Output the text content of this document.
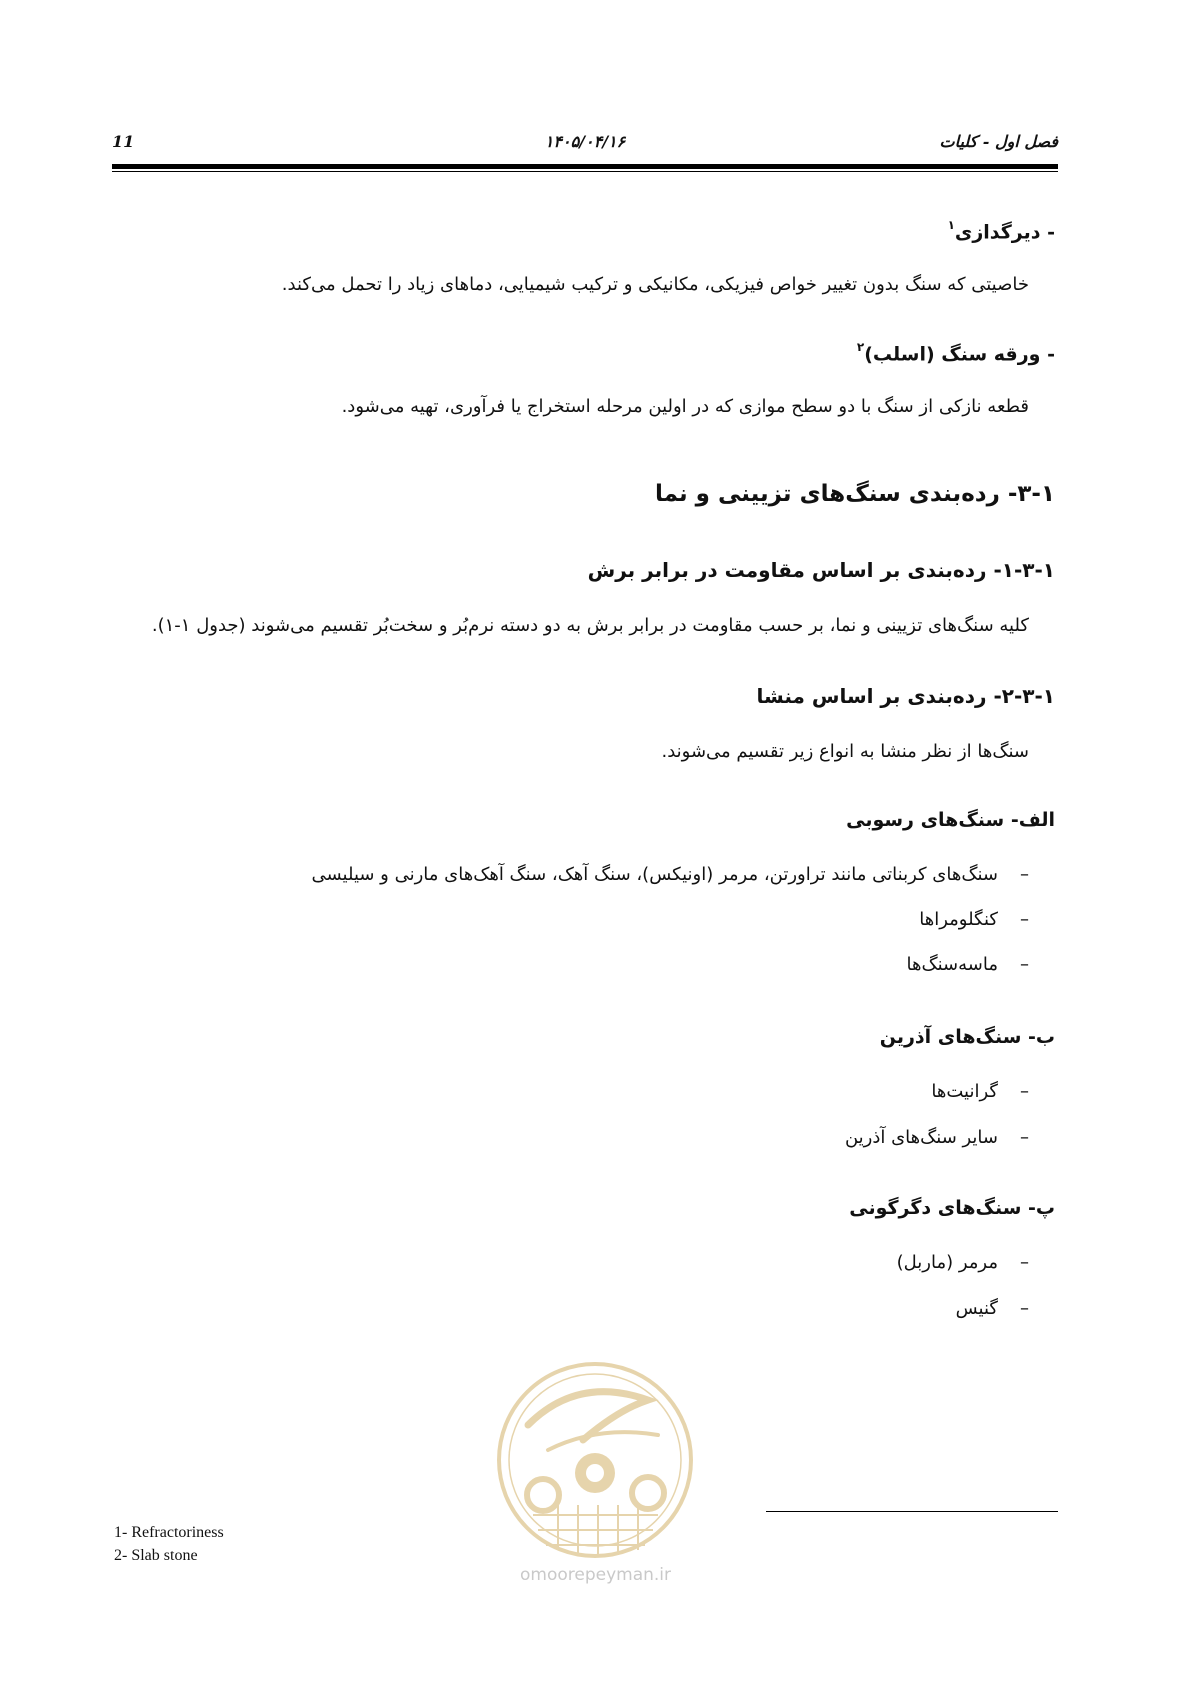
فصل اول - کلیات
۱۴۰۵/۰۴/۱۶
11
- دیرگدازی$^۱$
خاصیتی که سنگ بدون تغییر خواص فیزیکی، مکانیکی و ترکیب شیمیایی، دماهای زیاد را تحمل می‌کند.
- ورقه سنگ (اسلب)$^۲$
قطعه نازکی از سنگ با دو سطح موازی که در اولین مرحله استخراج یا فرآوری، تهیه می‌شود.
۳-۱- رده‌بندی سنگ‌های تزیینی و نما
۱-۳-۱- رده‌بندی بر اساس مقاومت در برابر برش
کلیه سنگ‌های تزیینی و نما، بر حسب مقاومت در برابر برش به دو دسته نرم‌بُر و سخت‌بُر تقسیم می‌شوند (جدول ۱-۱).
۲-۳-۱- رده‌بندی بر اساس منشا
سنگ‌ها از نظر منشا به انواع زیر تقسیم می‌شوند.
الف- سنگ‌های رسوبی
–سنگ‌های کربناتی مانند تراورتن، مرمر (اونیکس)، سنگ آهک، سنگ آهک‌های مارنی و سیلیسی
–کنگلومراها
–ماسه‌سنگ‌ها
ب- سنگ‌های آذرین
–گرانیت‌ها
–سایر سنگ‌های آذرین
پ- سنگ‌های دگرگونی
–مرمر (ماربل)
–گنیس
omoorepeyman.ir
1- Refractoriness
2- Slab stone
